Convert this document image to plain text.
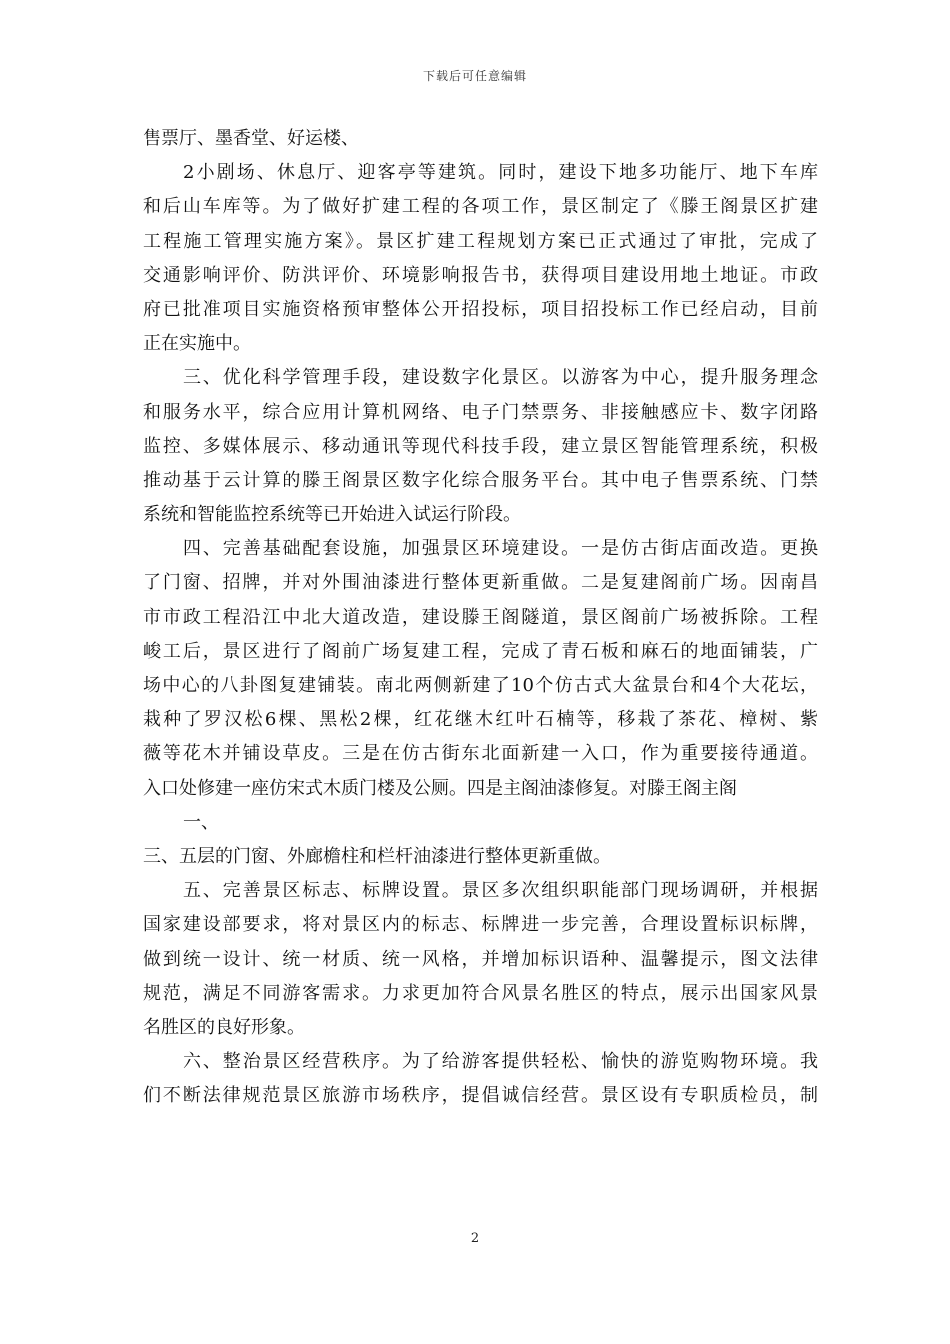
下载后可任意编辑
售票厅、墨香堂、好运楼、
2小剧场、休息厅、迎客亭等建筑。同时，建设下地多功能厅、地下车库
和后山车库等。为了做好扩建工程的各项工作，景区制定了《滕王阁景区扩建
工程施工管理实施方案》。景区扩建工程规划方案已正式通过了审批，完成了
交通影响评价、防洪评价、环境影响报告书，获得项目建设用地土地证。市政
府已批准项目实施资格预审整体公开招投标，项目招投标工作已经启动，目前
正在实施中。
三、优化科学管理手段，建设数字化景区。以游客为中心，提升服务理念
和服务水平，综合应用计算机网络、电子门禁票务、非接触感应卡、数字闭路
监控、多媒体展示、移动通讯等现代科技手段，建立景区智能管理系统，积极
推动基于云计算的滕王阁景区数字化综合服务平台。其中电子售票系统、门禁
系统和智能监控系统等已开始进入试运行阶段。
四、完善基础配套设施，加强景区环境建设。一是仿古街店面改造。更换
了门窗、招牌，并对外围油漆进行整体更新重做。二是复建阁前广场。因南昌
市市政工程沿江中北大道改造，建设滕王阁隧道，景区阁前广场被拆除。工程
峻工后，景区进行了阁前广场复建工程，完成了青石板和麻石的地面铺装，广
场中心的八卦图复建铺装。南北两侧新建了10个仿古式大盆景台和4个大花坛，
栽种了罗汉松6棵、黑松2棵，红花继木红叶石楠等，移栽了茶花、樟树、紫
薇等花木并铺设草皮。三是在仿古街东北面新建一入口，作为重要接待通道。
入口处修建一座仿宋式木质门楼及公厕。四是主阁油漆修复。对滕王阁主阁
一、
三、五层的门窗、外廊檐柱和栏杆油漆进行整体更新重做。
五、完善景区标志、标牌设置。景区多次组织职能部门现场调研，并根据
国家建设部要求，将对景区内的标志、标牌进一步完善，合理设置标识标牌，
做到统一设计、统一材质、统一风格，并增加标识语种、温馨提示，图文法律
规范，满足不同游客需求。力求更加符合风景名胜区的特点，展示出国家风景
名胜区的良好形象。
六、整治景区经营秩序。为了给游客提供轻松、愉快的游览购物环境。我
们不断法律规范景区旅游市场秩序，提倡诚信经营。景区设有专职质检员，制
2
